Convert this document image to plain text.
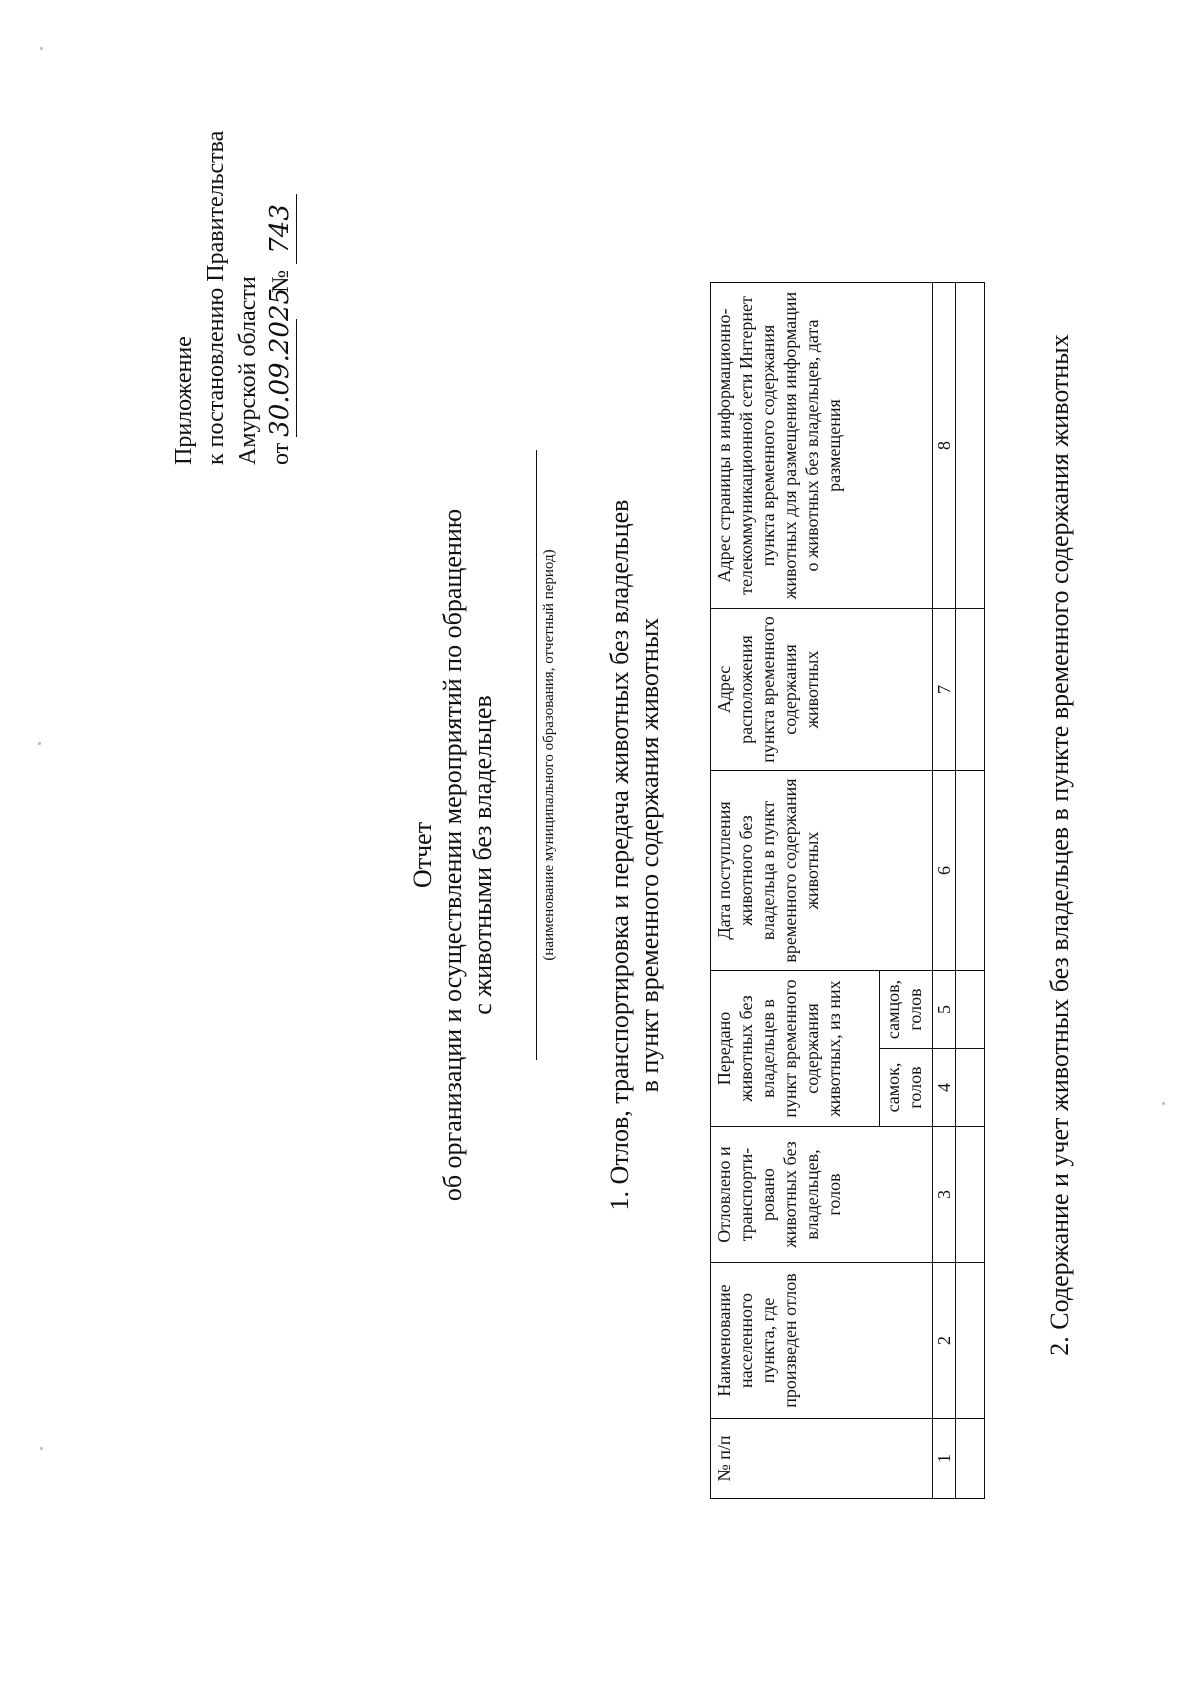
Приложение к постановлению Правительства Амурской области от 30.09.2025  № 743
Отчет об организации и осуществлении мероприятий по обращению с животными без владельцев	(наименование муниципального образования, отчетный период) 1. Отлов, транспортировка и передача животных без владельцев в пункт временного содержания животных
№ п/п	Наименование населенного пункта, где произведен отлов	Отловлено и транспорти-ровано животных без владельцев, голов	Передано животных без владельцев в пункт временного содержания животных, из них		Дата поступления животного без владельца в пункт временного содержания животных	Адрес расположения пункта временного содержания животных	Адрес страницы в информационно-телекоммуникационной сети Интернет пункта временного содержания животных для размещения информации о животных без владельцев, дата размещения
			самок, голов	самцов, голов			
1	2	3	4	5	6	7	8
								2. Содержание и учет животных без владельцев в пункте временного содержания животных
